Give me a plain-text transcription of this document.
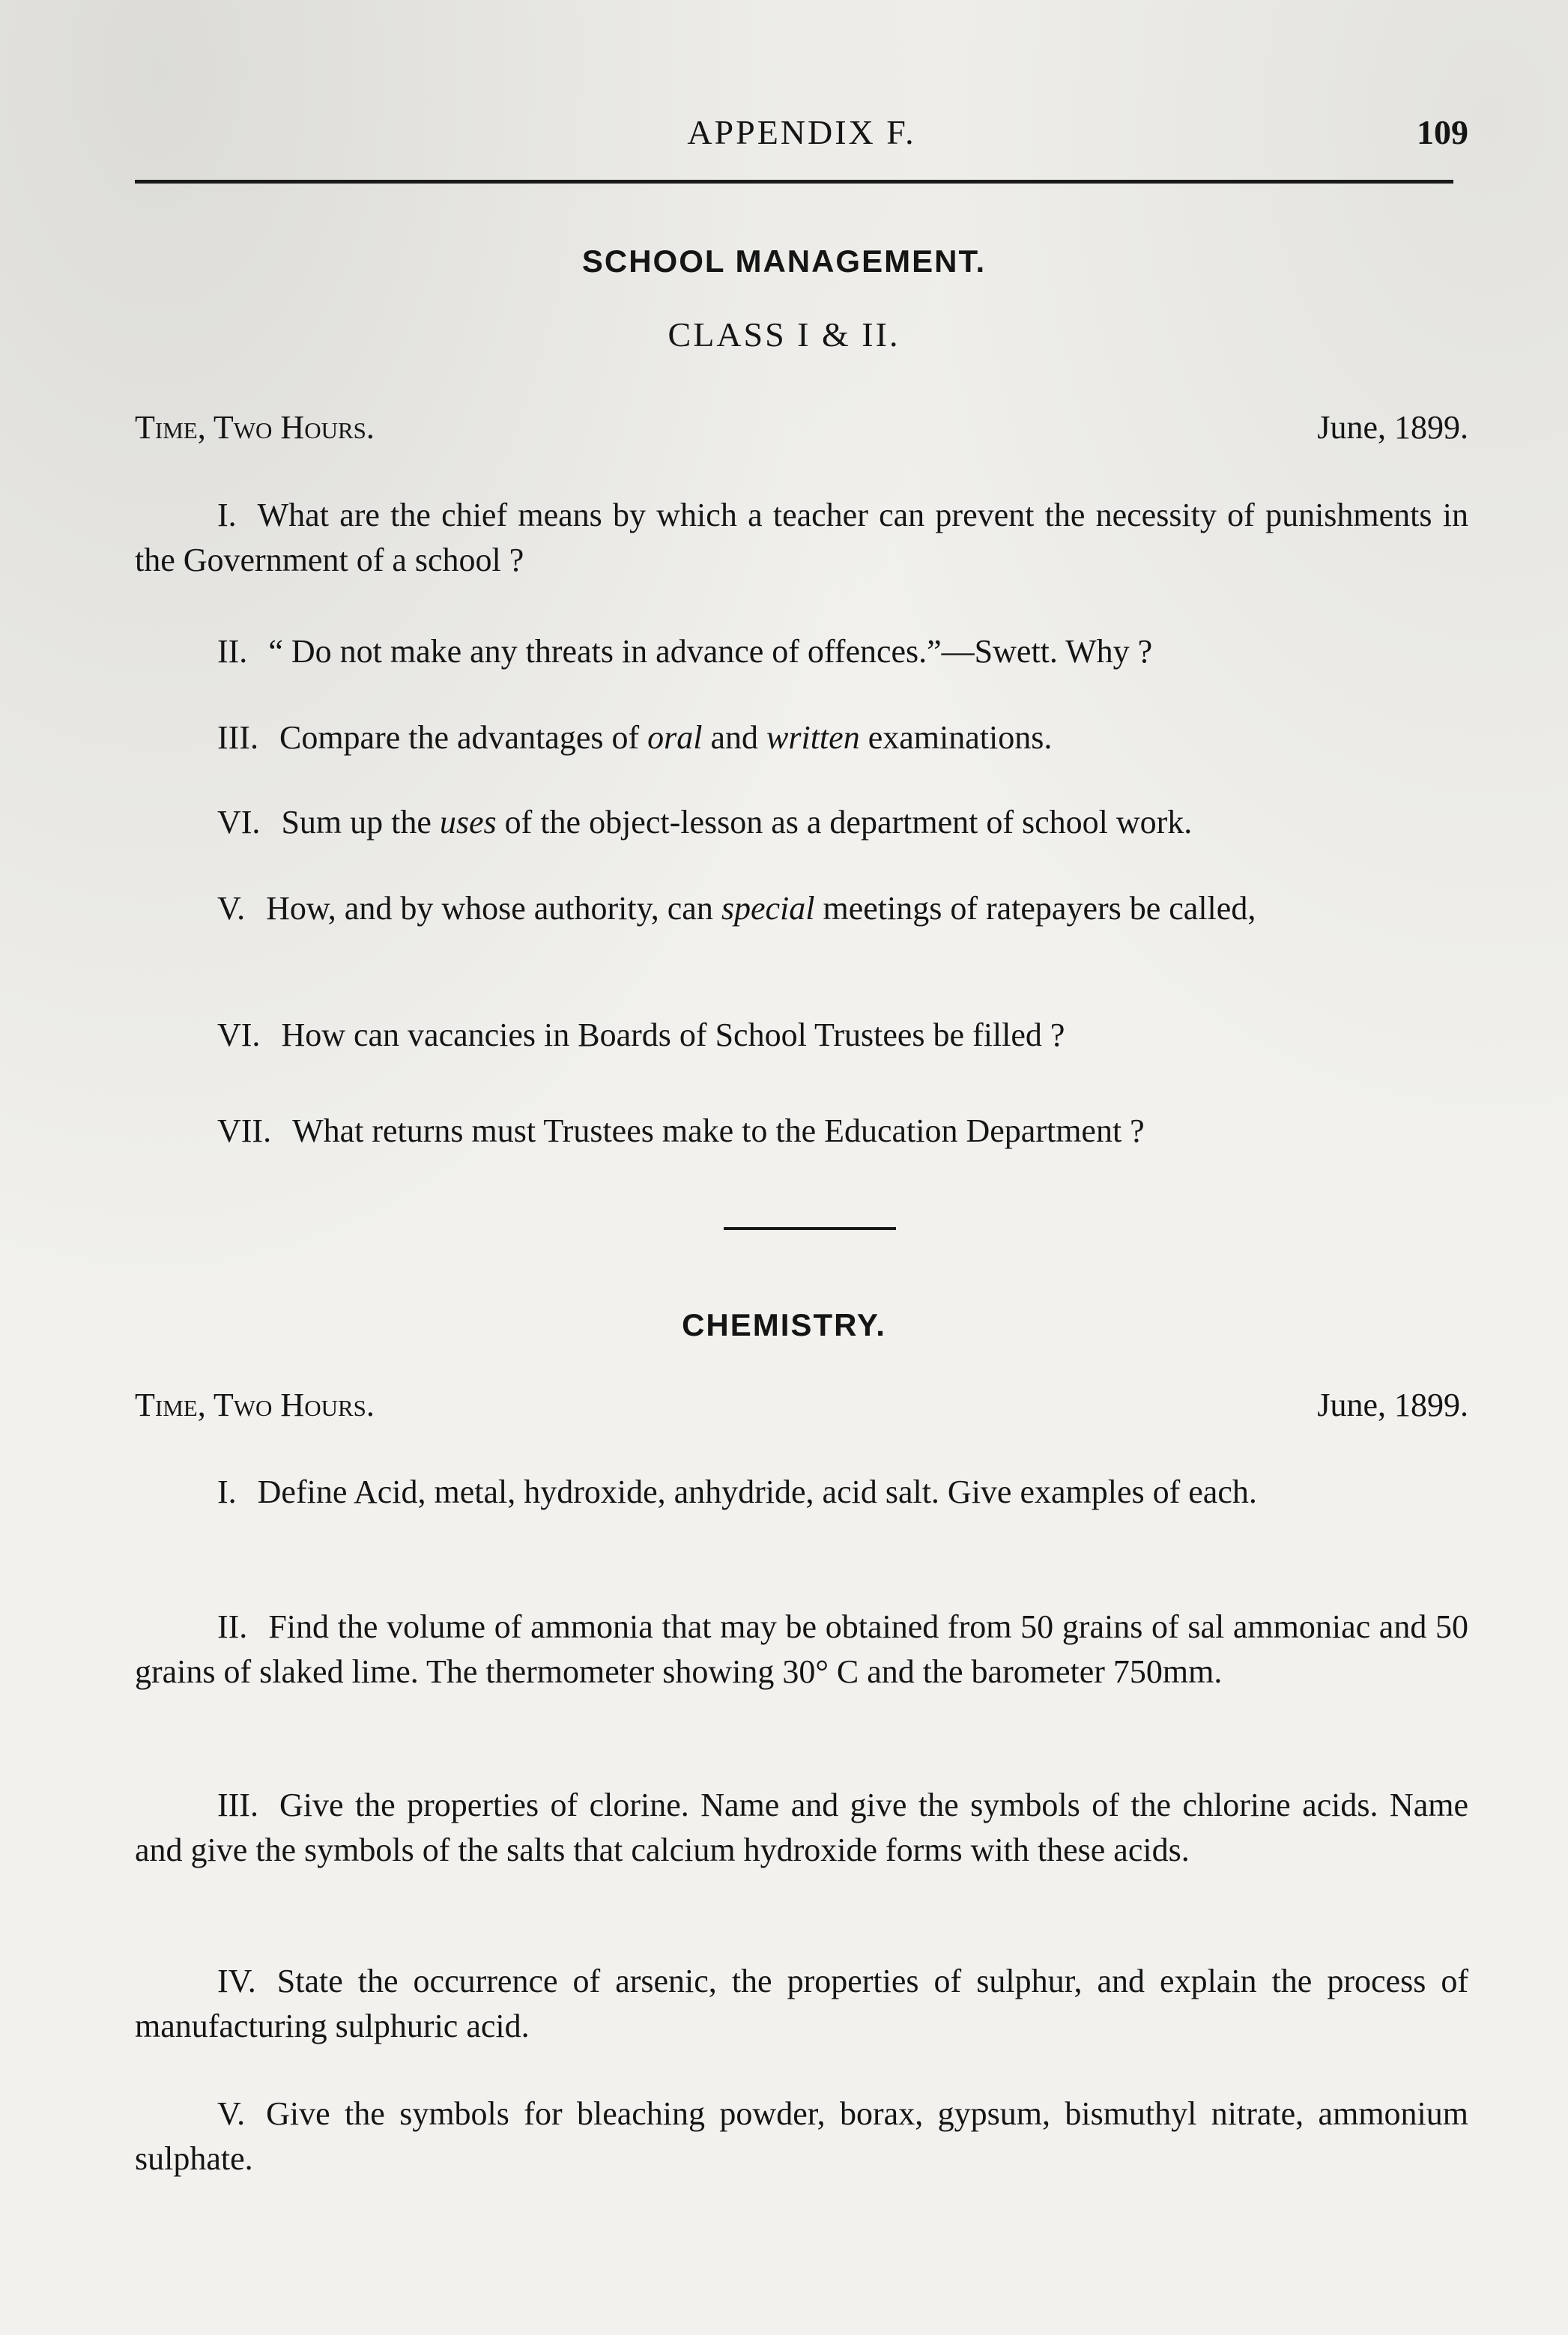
APPENDIX F.	109
SCHOOL MANAGEMENT.
CLASS I & II.
Time, Two Hours.	June, 1899.
I. What are the chief means by which a teacher can prevent the necessity of punishments in the Government of a school ?
II. “ Do not make any threats in advance of offences.”—Swett. Why ?
III. Compare the advantages of oral and written examinations.
VI. Sum up the uses of the object-lesson as a department of school work.
V. How, and by whose authority, can special meetings of ratepayers be called,
VI. How can vacancies in Boards of School Trustees be filled ?
VII. What returns must Trustees make to the Education Department ?
CHEMISTRY.
Time, Two Hours.	June, 1899.
I. Define Acid, metal, hydroxide, anhydride, acid salt. Give examples of each.
II. Find the volume of ammonia that may be obtained from 50 grains of sal ammoniac and 50 grains of slaked lime. The thermometer showing 30° C and the barometer 750mm.
III. Give the properties of clorine. Name and give the symbols of the chlorine acids. Name and give the symbols of the salts that calcium hydroxide forms with these acids.
IV. State the occurrence of arsenic, the properties of sulphur, and explain the process of manufacturing sulphuric acid.
V. Give the symbols for bleaching powder, borax, gypsum, bismuthyl nitrate, ammonium sulphate.
